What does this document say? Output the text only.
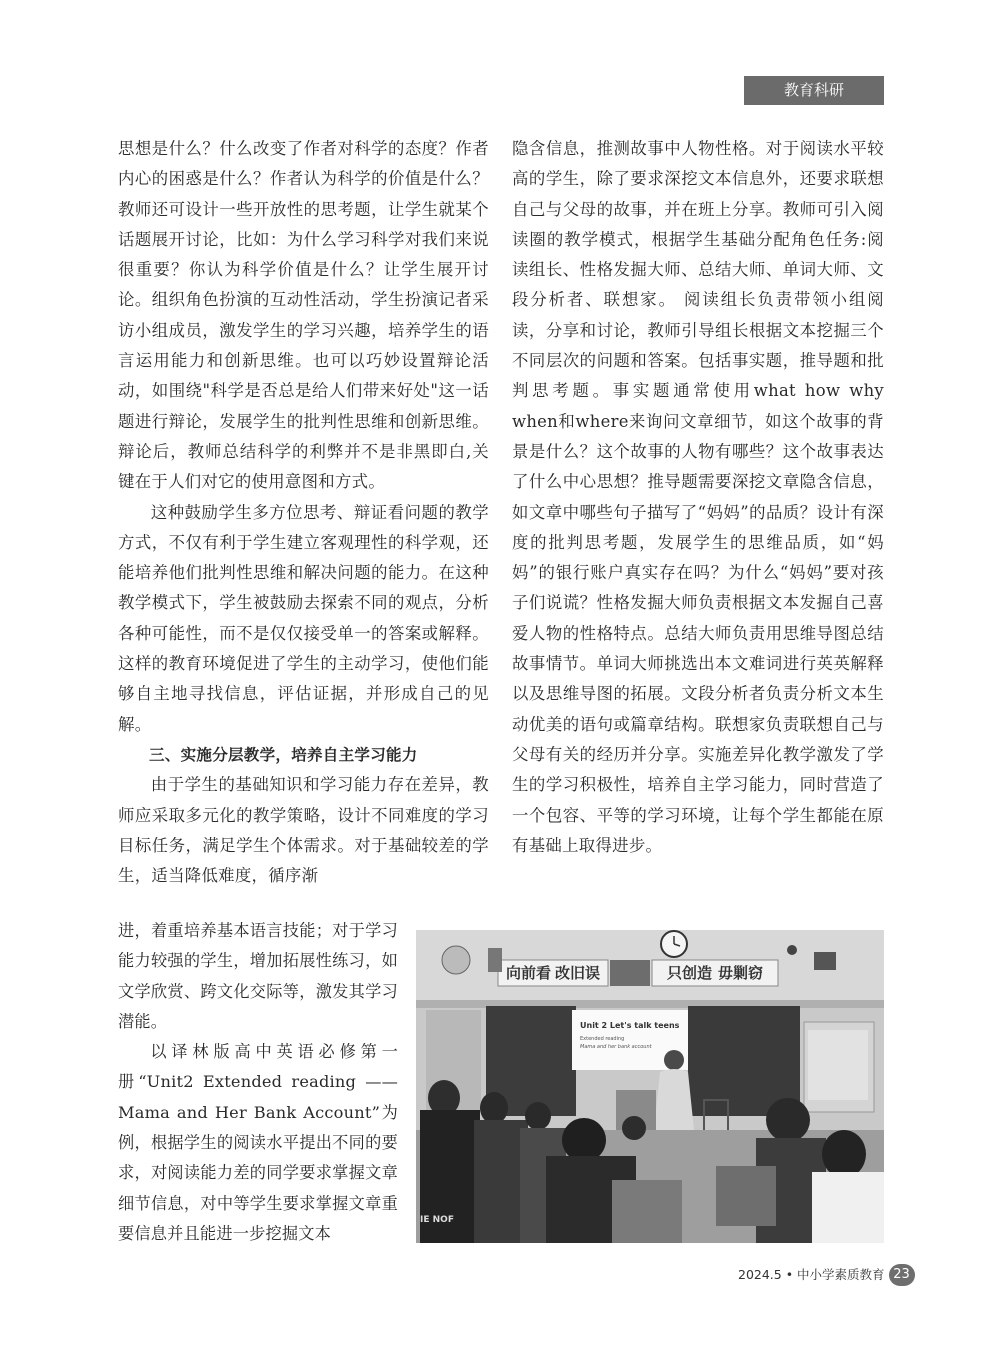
教育科研

思想是什么？什么改变了作者对科学的态度？作者内心的困惑是什么？作者认为科学的价值是什么？教师还可设计一些开放性的思考题，让学生就某个话题展开讨论，比如：为什么学习科学对我们来说很重要？你认为科学价值是什么？让学生展开讨论。组织角色扮演的互动性活动，学生扮演记者采访小组成员，激发学生的学习兴趣，培养学生的语言运用能力和创新思维。也可以巧妙设置辩论活动，如围绕"科学是否总是给人们带来好处"这一话题进行辩论，发展学生的批判性思维和创新思维。辩论后，教师总结科学的利弊并不是非黑即白,关键在于人们对它的使用意图和方式。

这种鼓励学生多方位思考、辩证看问题的教学方式，不仅有利于学生建立客观理性的科学观，还能培养他们批判性思维和解决问题的能力。在这种教学模式下，学生被鼓励去探索不同的观点，分析各种可能性，而不是仅仅接受单一的答案或解释。这样的教育环境促进了学生的主动学习，使他们能够自主地寻找信息，评估证据，并形成自己的见解。

三、实施分层教学，培养自主学习能力

由于学生的基础知识和学习能力存在差异，教师应采取多元化的教学策略，设计不同难度的学习目标任务，满足学生个体需求。对于基础较差的学生，适当降低难度，循序渐

进，着重培养基本语言技能；对于学习能力较强的学生，增加拓展性练习，如文学欣赏、跨文化交际等，激发其学习潜能。

以译林版高中英语必修第一册“Unit2 Extended reading —— Mama and Her Bank Account”为例，根据学生的阅读水平提出不同的要求，对阅读能力差的同学要求掌握文章细节信息，对中等学生要求掌握文章重要信息并且能进一步挖掘文本

隐含信息，推测故事中人物性格。对于阅读水平较高的学生，除了要求深挖文本信息外，还要求联想自己与父母的故事，并在班上分享。教师可引入阅读圈的教学模式，根据学生基础分配角色任务:阅读组长、性格发掘大师、总结大师、单词大师、文段分析者、联想家。 阅读组长负责带领小组阅读，分享和讨论，教师引导组长根据文本挖掘三个不同层次的问题和答案。包括事实题，推导题和批判思考题。事实题通常使用what how why when和where来询问文章细节，如这个故事的背景是什么？这个故事的人物有哪些？这个故事表达了什么中心思想？推导题需要深挖文章隐含信息，如文章中哪些句子描写了“妈妈”的品质？设计有深度的批判思考题，发展学生的思维品质，如“妈妈”的银行账户真实存在吗？为什么“妈妈”要对孩子们说谎？性格发掘大师负责根据文本发掘自己喜爱人物的性格特点。总结大师负责用思维导图总结故事情节。单词大师挑选出本文难词进行英英解释以及思维导图的拓展。文段分析者负责分析文本生动优美的语句或篇章结构。联想家负责联想自己与父母有关的经历并分享。实施差异化教学激发了学生的学习积极性，培养自主学习能力，同时营造了一个包容、平等的学习环境，让每个学生都能在原有基础上取得进步。

向前看 改旧误	只创造 毋剿窃
Unit 2 Let's talk teens
Extended reading
Mama and her bank account
IE NOF
2024.5 • 中小学素质教育 23
